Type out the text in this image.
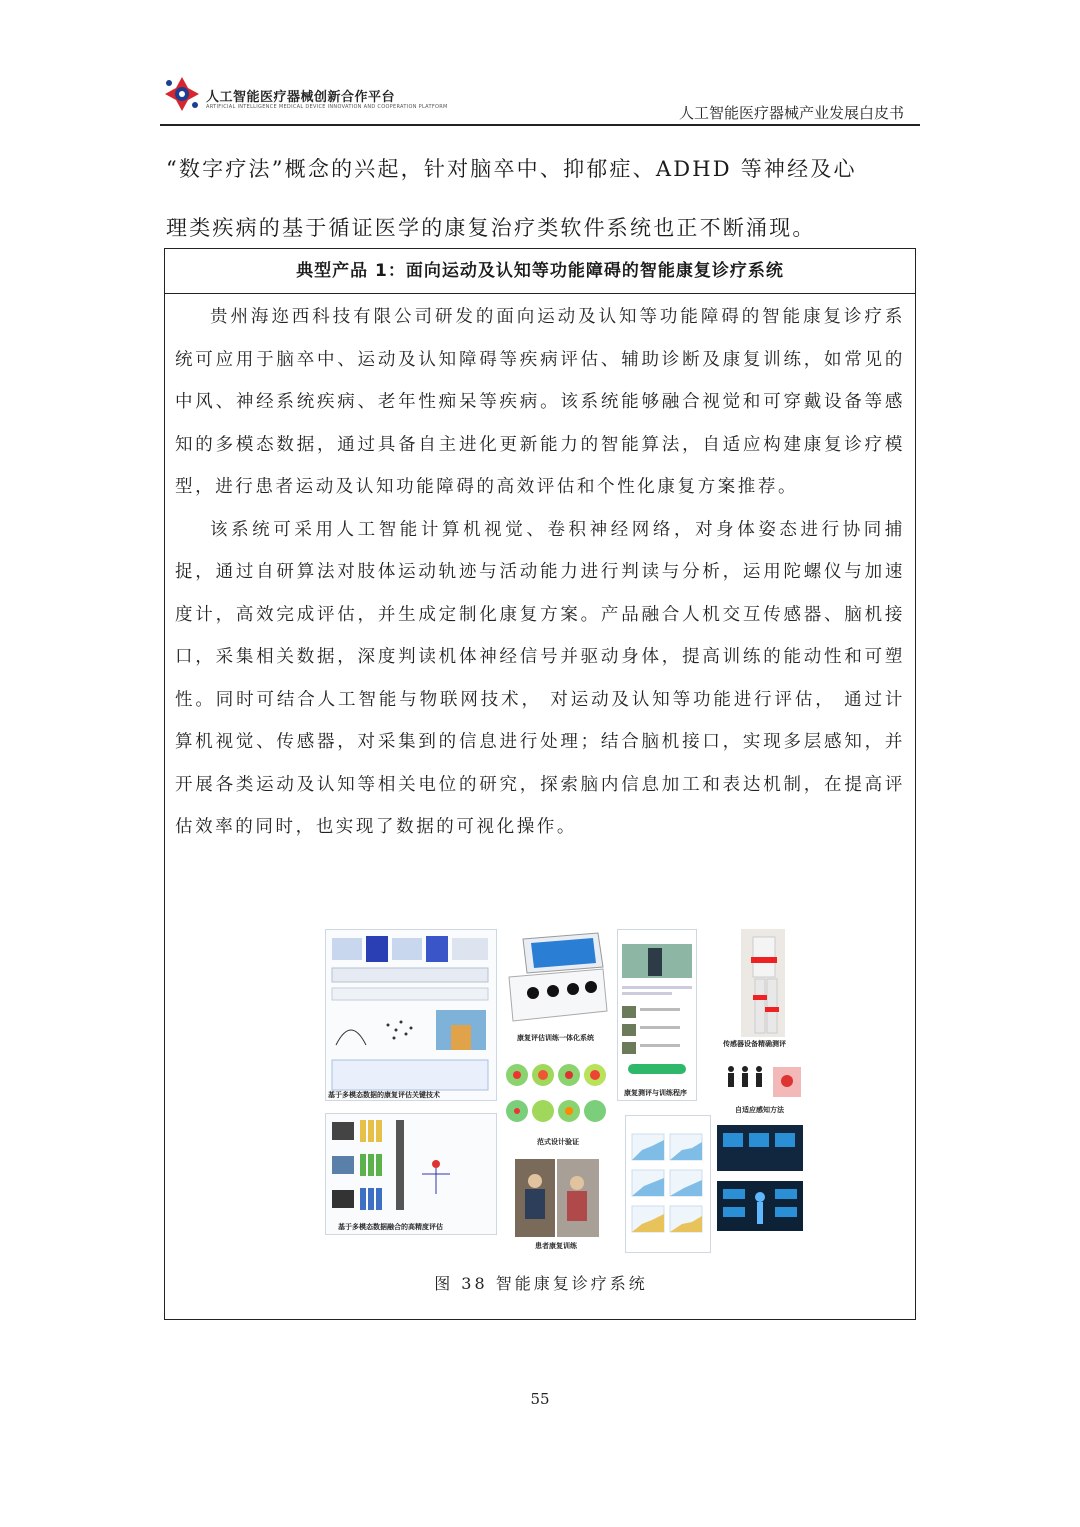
人工智能医疗器械创新合作平台
ARTIFICIAL INTELLIGENCE MEDICAL DEVICE INNOVATION AND COOPERATION PLATFORM	人工智能医疗器械产业发展白皮书

“数字疗法”概念的兴起，针对脑卒中、抑郁症、ADHD 等神经及心

理类疾病的基于循证医学的康复治疗类软件系统也正不断涌现。

典型产品 1：面向运动及认知等功能障碍的智能康复诊疗系统

贵州海迩西科技有限公司研发的面向运动及认知等功能障碍的智能康复诊疗系统可应用于脑卒中、运动及认知障碍等疾病评估、辅助诊断及康复训练，如常见的中风、神经系统疾病、老年性痴呆等疾病。该系统能够融合视觉和可穿戴设备等感知的多模态数据，通过具备自主进化更新能力的智能算法，自适应构建康复诊疗模型，进行患者运动及认知功能障碍的高效评估和个性化康复方案推荐。

该系统可采用人工智能计算机视觉、卷积神经网络，对身体姿态进行协同捕捉，通过自研算法对肢体运动轨迹与活动能力进行判读与分析，运用陀螺仪与加速度计，高效完成评估，并生成定制化康复方案。产品融合人机交互传感器、脑机接口，采集相关数据，深度判读机体神经信号并驱动身体，提高训练的能动性和可塑性。同时可结合人工智能与物联网技术， 对运动及认知等功能进行评估， 通过计算机视觉、传感器，对采集到的信息进行处理；结合脑机接口，实现多层感知，并开展各类运动及认知等相关电位的研究，探索脑内信息加工和表达机制，在提高评估效率的同时，也实现了数据的可视化操作。

基于多模态数据的康复评估关键技术
基于多模态数据融合的高精度评估
康复评估训练一体化系统
范式设计验证
患者康复训练
康复测评与训练程序
传感器设备精确测评
自适应感知方法
图 38 智能康复诊疗系统
55
